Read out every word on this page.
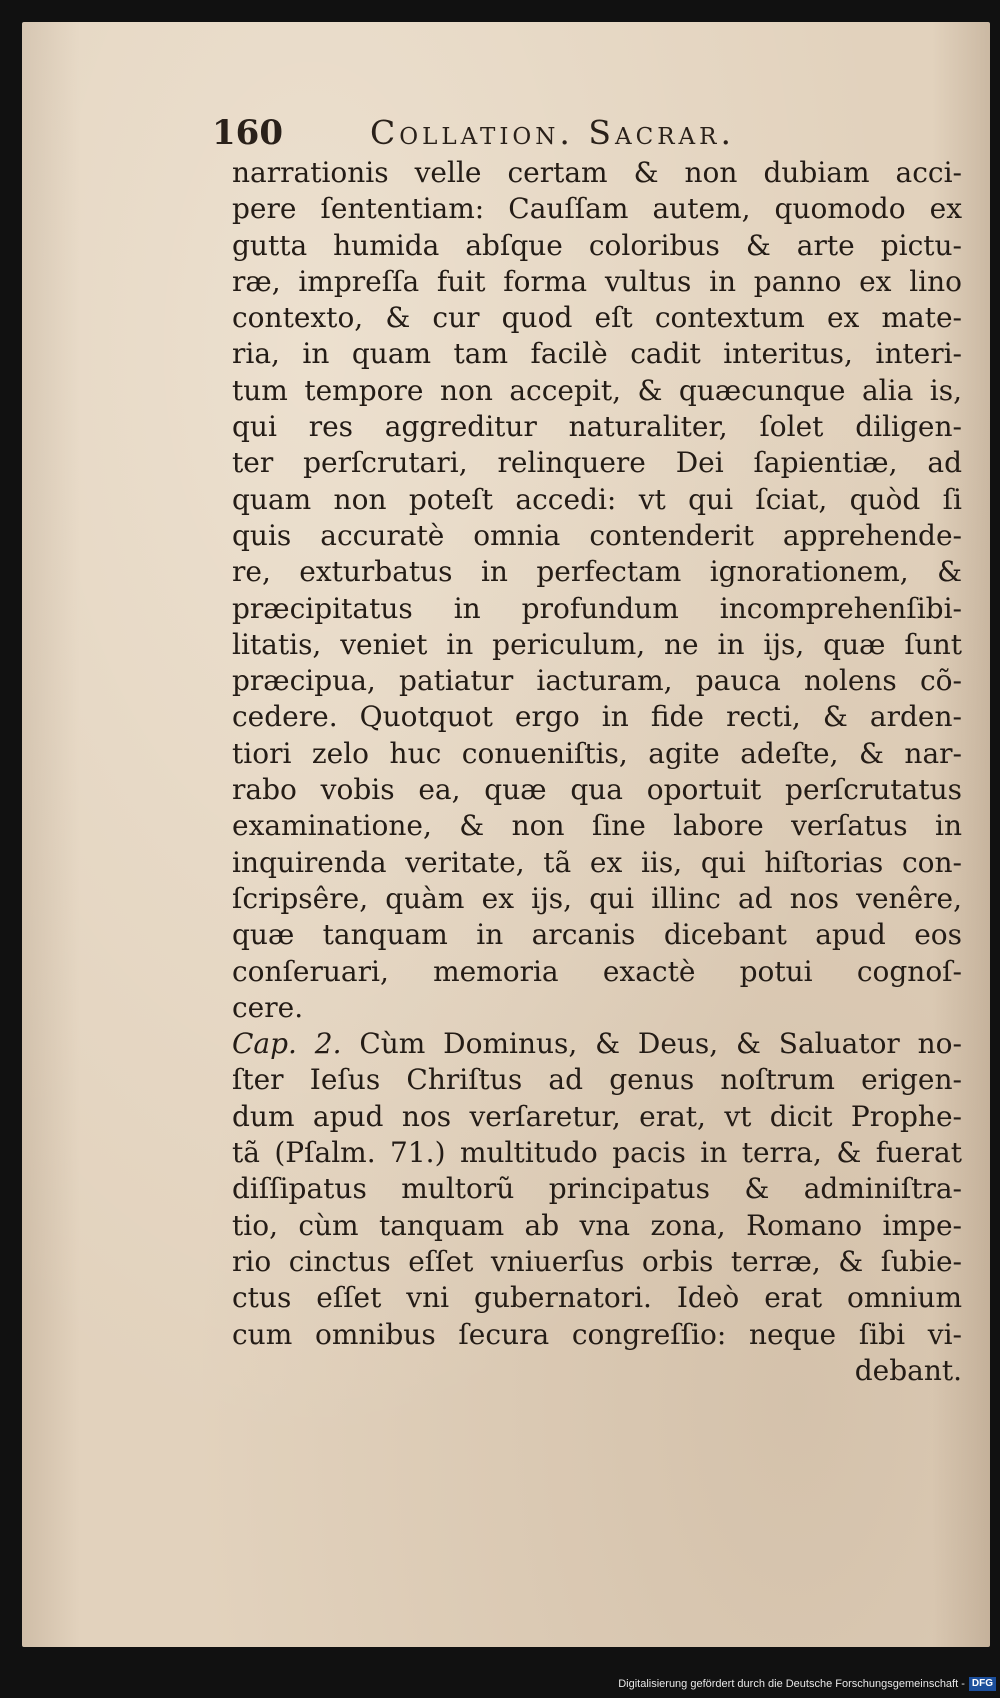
160	Collation. Sacrar.
narrationis velle certam & non dubiam acci-
pere ſententiam: Cauſſam autem, quomodo ex
gutta humida abſque coloribus & arte pictu-
ræ, impreſſa fuit forma vultus in panno ex lino
contexto, & cur quod eſt contextum ex mate-
ria, in quam tam facilè cadit interitus, interi-
tum tempore non accepit, & quæcunque alia is,
qui res aggreditur naturaliter, ſolet diligen-
ter perſcrutari, relinquere Dei ſapientiæ, ad
quam non poteſt accedi: vt qui ſciat, quòd ſi
quis accuratè omnia contenderit apprehende-
re, exturbatus in perfectam ignorationem, &
præcipitatus in profundum incomprehenſibi-
litatis, veniet in periculum, ne in ijs, quæ ſunt
præcipua, patiatur iacturam, pauca nolens cõ-
cedere. Quotquot ergo in fide recti, & arden-
tiori zelo huc conueniſtis, agite adeſte, & nar-
rabo vobis ea, quæ qua oportuit perſcrutatus
examinatione, & non ſine labore verſatus in
inquirenda veritate, tã ex iis, qui hiſtorias con-
ſcripsêre, quàm ex ijs, qui illinc ad nos venêre,
quæ tanquam in arcanis dicebant apud eos
conſeruari, memoria exactè potui cognoſ-
cere.
Cap. 2. Cùm Dominus, & Deus, & Saluator no-
ſter Ieſus Chriſtus ad genus noſtrum erigen-
dum apud nos verſaretur, erat, vt dicit Prophe-
tã (Pſalm. 71.) multitudo pacis in terra, & fuerat
diſſipatus multorũ principatus & adminiſtra-
tio, cùm tanquam ab vna zona, Romano impe-
rio cinctus eſſet vniuerſus orbis terræ, & ſubie-
ctus eſſet vni gubernatori. Ideò erat omnium
cum omnibus ſecura congreſſio: neque ſibi vi-
debant.
Digitalisierung gefördert durch die Deutsche Forschungsgemeinschaft - DFG
